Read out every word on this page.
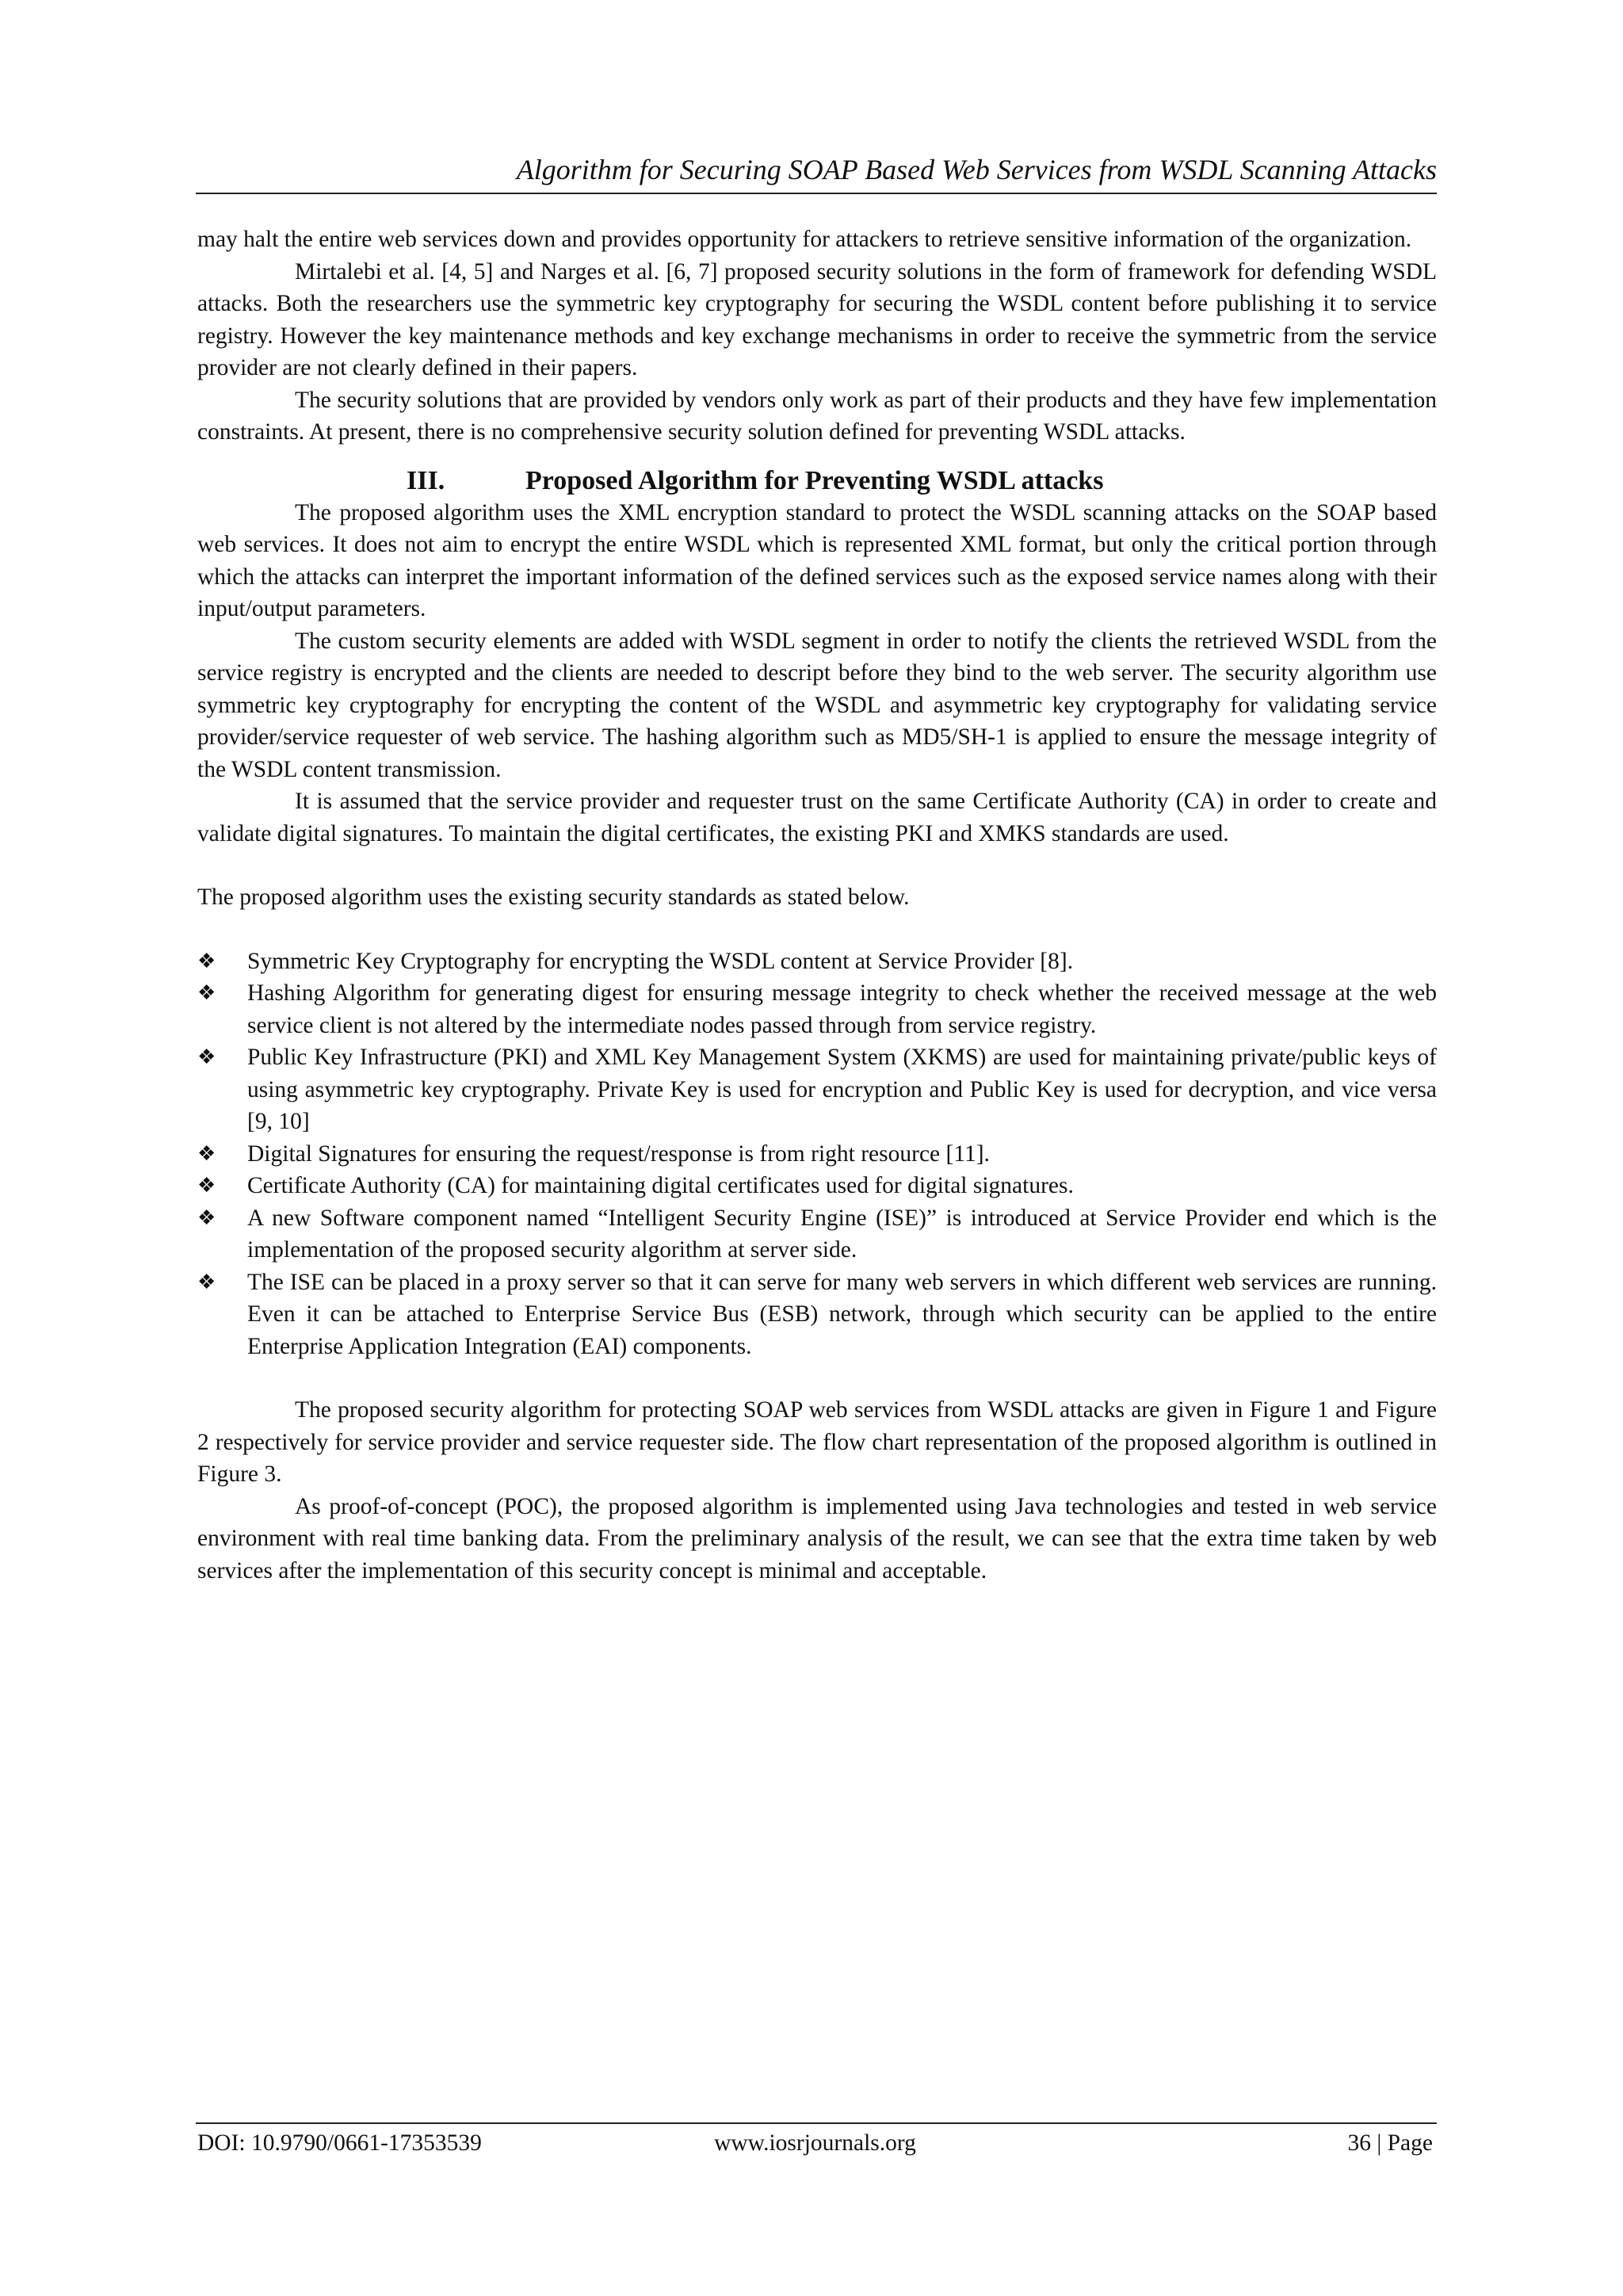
Algorithm for Securing SOAP Based Web Services from WSDL Scanning Attacks

may halt the entire web services down and provides opportunity for attackers to retrieve sensitive information of the organization.

Mirtalebi et al. [4, 5] and Narges et al. [6, 7] proposed security solutions in the form of framework for defending WSDL attacks. Both the researchers use the symmetric key cryptography for securing the WSDL content before publishing it to service registry. However the key maintenance methods and key exchange mechanisms in order to receive the symmetric from the service provider are not clearly defined in their papers.

The security solutions that are provided by vendors only work as part of their products and they have few implementation constraints. At present, there is no comprehensive security solution defined for preventing WSDL attacks.

III.	Proposed Algorithm for Preventing WSDL attacks

The proposed algorithm uses the XML encryption standard to protect the WSDL scanning attacks on the SOAP based web services. It does not aim to encrypt the entire WSDL which is represented XML format, but only the critical portion through which the attacks can interpret the important information of the defined services such as the exposed service names along with their input/output parameters.

The custom security elements are added with WSDL segment in order to notify the clients the retrieved WSDL from the service registry is encrypted and the clients are needed to descript before they bind to the web server. The security algorithm use symmetric key cryptography for encrypting the content of the WSDL and asymmetric key cryptography for validating service provider/service requester of web service. The hashing algorithm such as MD5/SH-1 is applied to ensure the message integrity of the WSDL content transmission.

It is assumed that the service provider and requester trust on the same Certificate Authority (CA) in order to create and validate digital signatures. To maintain the digital certificates, the existing PKI and XMKS standards are used.

The proposed algorithm uses the existing security standards as stated below.

❖ Symmetric Key Cryptography for encrypting the WSDL content at Service Provider [8].
❖ Hashing Algorithm for generating digest for ensuring message integrity to check whether the received message at the web service client is not altered by the intermediate nodes passed through from service registry.
❖ Public Key Infrastructure (PKI) and XML Key Management System (XKMS) are used for maintaining private/public keys of using asymmetric key cryptography. Private Key is used for encryption and Public Key is used for decryption, and vice versa [9, 10]
❖ Digital Signatures for ensuring the request/response is from right resource [11].
❖ Certificate Authority (CA) for maintaining digital certificates used for digital signatures.
❖ A new Software component named “Intelligent Security Engine (ISE)” is introduced at Service Provider end which is the implementation of the proposed security algorithm at server side.
❖ The ISE can be placed in a proxy server so that it can serve for many web servers in which different web services are running. Even it can be attached to Enterprise Service Bus (ESB) network, through which security can be applied to the entire Enterprise Application Integration (EAI) components.

The proposed security algorithm for protecting SOAP web services from WSDL attacks are given in Figure 1 and Figure 2 respectively for service provider and service requester side. The flow chart representation of the proposed algorithm is outlined in Figure 3.

As proof-of-concept (POC), the proposed algorithm is implemented using Java technologies and tested in web service environment with real time banking data. From the preliminary analysis of the result, we can see that the extra time taken by web services after the implementation of this security concept is minimal and acceptable.

DOI: 10.9790/0661-17353539	www.iosrjournals.org	36 | Page
